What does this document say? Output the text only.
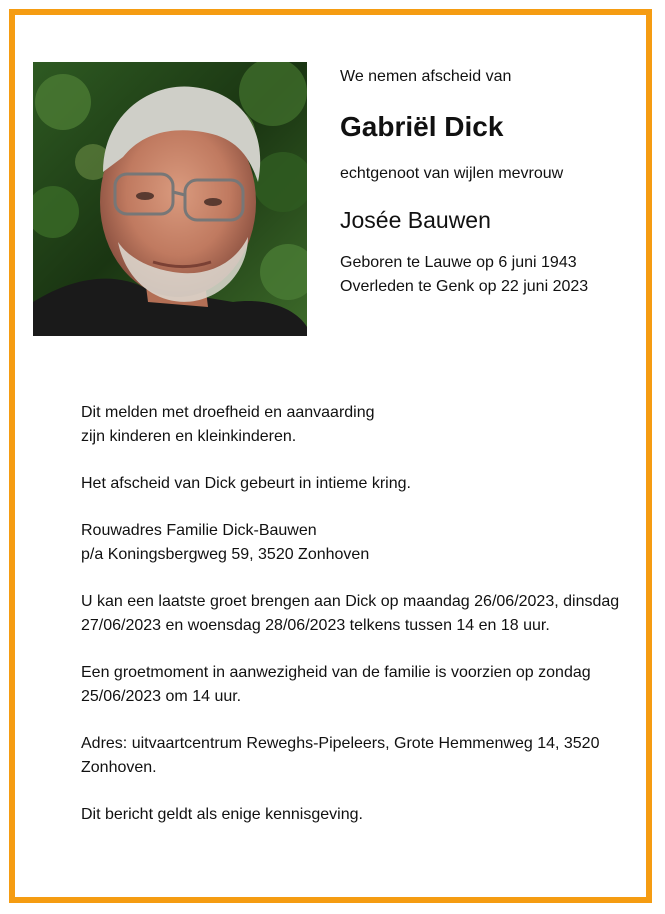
We nemen afscheid van

Gabriël Dick

echtgenoot van wijlen mevrouw

Josée Bauwen

Geboren te Lauwe op 6 juni 1943
Overleden te Genk op 22 juni 2023

Dit melden met droefheid en aanvaarding
zijn kinderen en kleinkinderen.

Het afscheid van Dick gebeurt in intieme kring.

Rouwadres Familie Dick-Bauwen
p/a Koningsbergweg 59, 3520 Zonhoven

U kan een laatste groet brengen aan Dick op maandag 26/06/2023, dinsdag 27/06/2023 en woensdag 28/06/2023 telkens tussen 14 en 18 uur.

Een groetmoment in aanwezigheid van de familie is voorzien op zondag 25/06/2023 om 14 uur.

Adres: uitvaartcentrum Reweghs-Pipeleers, Grote Hemmenweg 14, 3520 Zonhoven.

Dit bericht geldt als enige kennisgeving.
